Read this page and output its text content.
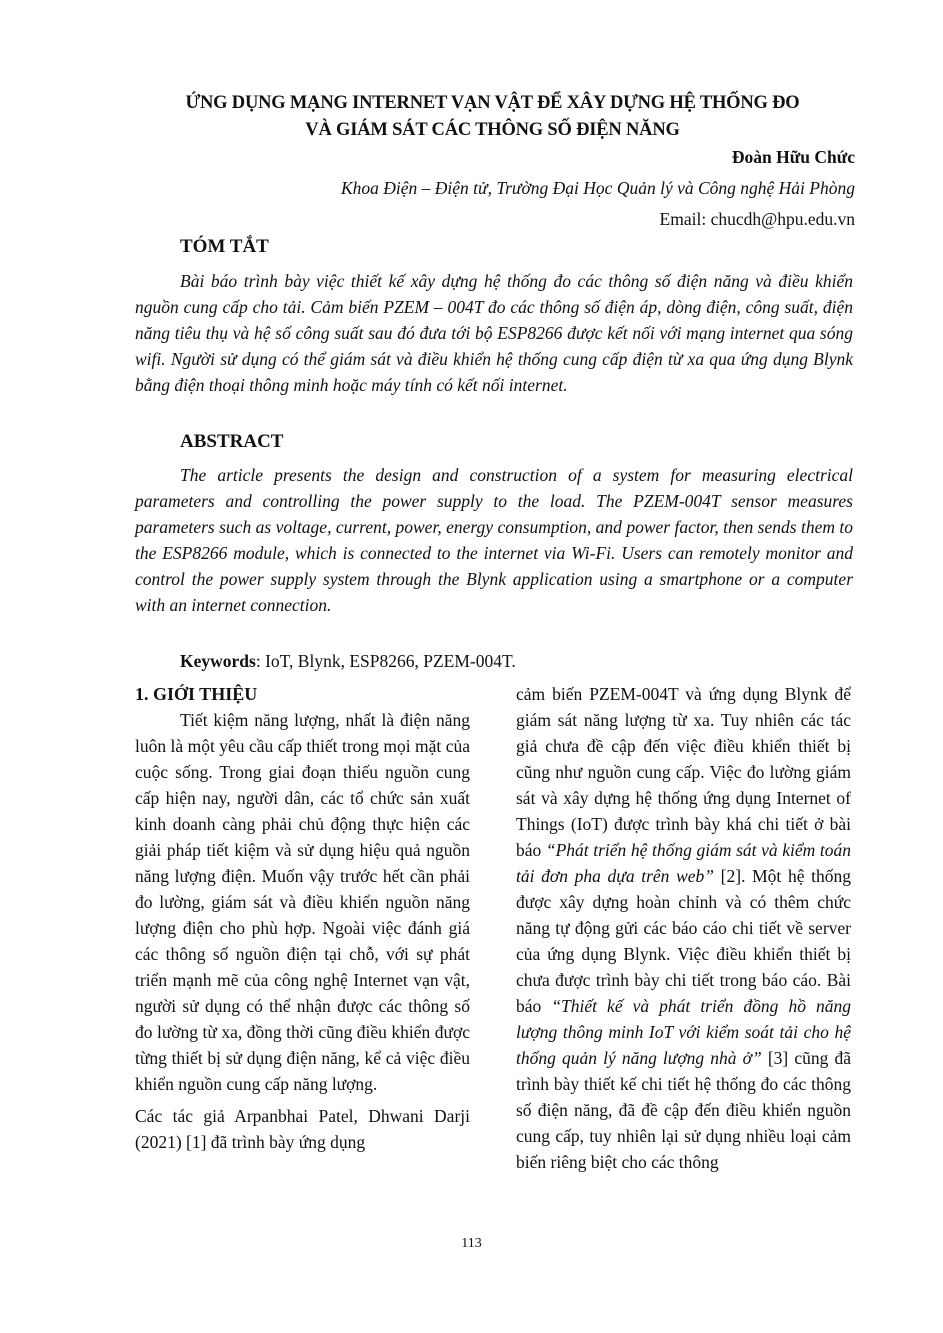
ỨNG DỤNG MẠNG INTERNET VẠN VẬT ĐỂ XÂY DỰNG HỆ THỐNG ĐO
VÀ GIÁM SÁT CÁC THÔNG SỐ ĐIỆN NĂNG
Đoàn Hữu Chức
Khoa Điện – Điện tử, Trường Đại Học Quản lý và Công nghệ Hải Phòng
Email: chucdh@hpu.edu.vn
TÓM TẮT

Bài báo trình bày việc thiết kế xây dựng hệ thống đo các thông số điện năng và điều khiển nguồn cung cấp cho tải. Cảm biến PZEM – 004T đo các thông số điện áp, dòng điện, công suất, điện năng tiêu thụ và hệ số công suất sau đó đưa tới bộ ESP8266 được kết nối với mạng internet qua sóng wifi. Người sử dụng có thể giám sát và điều khiển hệ thống cung cấp điện từ xa qua ứng dụng Blynk bằng điện thoại thông minh hoặc máy tính có kết nối internet.

ABSTRACT

The article presents the design and construction of a system for measuring electrical parameters and controlling the power supply to the load. The PZEM-004T sensor measures parameters such as voltage, current, power, energy consumption, and power factor, then sends them to the ESP8266 module, which is connected to the internet via Wi-Fi. Users can remotely monitor and control the power supply system through the Blynk application using a smartphone or a computer with an internet connection.

Keywords: IoT, Blynk, ESP8266, PZEM-004T.

1. GIỚI THIỆU

Tiết kiệm năng lượng, nhất là điện năng luôn là một yêu cầu cấp thiết trong mọi mặt của cuộc sống. Trong giai đoạn thiếu nguồn cung cấp hiện nay, người dân, các tổ chức sản xuất kinh doanh càng phải chủ động thực hiện các giải pháp tiết kiệm và sử dụng hiệu quả nguồn năng lượng điện. Muốn vậy trước hết cần phải đo lường, giám sát và điều khiển nguồn năng lượng điện cho phù hợp. Ngoài việc đánh giá các thông số nguồn điện tại chỗ, với sự phát triển mạnh mẽ của công nghệ Internet vạn vật, người sử dụng có thể nhận được các thông số đo lường từ xa, đồng thời cũng điều khiển được từng thiết bị sử dụng điện năng, kể cả việc điều khiển nguồn cung cấp năng lượng.

Các tác giả Arpanbhai Patel, Dhwani Darji (2021) [1] đã trình bày ứng dụng

cảm biến PZEM-004T và ứng dụng Blynk để giám sát năng lượng từ xa. Tuy nhiên các tác giả chưa đề cập đến việc điều khiển thiết bị cũng như nguồn cung cấp. Việc đo lường giám sát và xây dựng hệ thống ứng dụng Internet of Things (IoT) được trình bày khá chi tiết ở bài báo “Phát triển hệ thống giám sát và kiểm toán tải đơn pha dựa trên web” [2]. Một hệ thống được xây dựng hoàn chỉnh và có thêm chức năng tự động gửi các báo cáo chi tiết về server của ứng dụng Blynk. Việc điều khiển thiết bị chưa được trình bày chi tiết trong báo cáo. Bài báo “Thiết kế và phát triển đồng hồ năng lượng thông minh IoT với kiểm soát tải cho hệ thống quản lý năng lượng nhà ở” [3] cũng đã trình bày thiết kế chi tiết hệ thống đo các thông số điện năng, đã đề cập đến điều khiển nguồn cung cấp, tuy nhiên lại sử dụng nhiều loại cảm biến riêng biệt cho các thông

113
